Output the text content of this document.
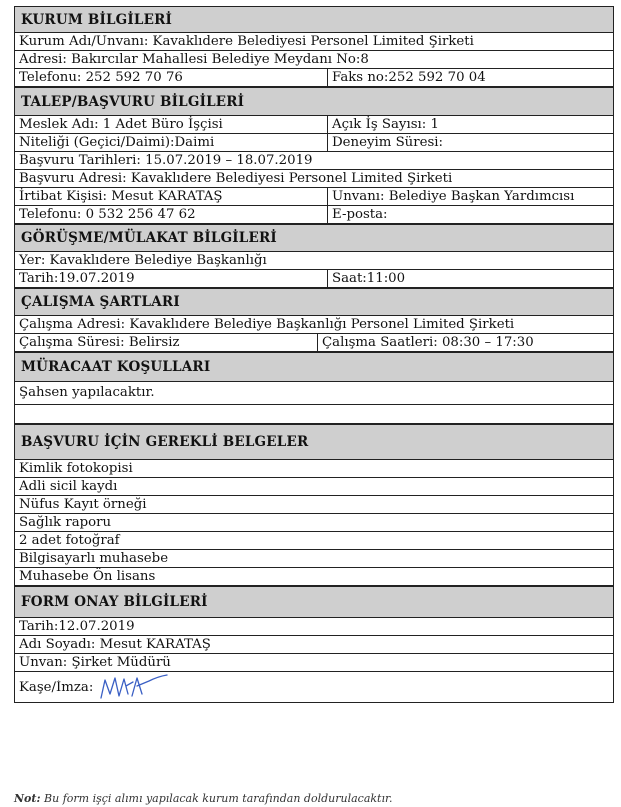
KURUM BİLGİLERİ
Kurum Adı/Unvanı: Kavaklıdere Belediyesi Personel Limited Şirketi
Adresi: Bakırcılar Mahallesi Belediye Meydanı No:8
Telefonu: 252 592 70 76	Faks no:252 592 70 04
TALEP/BAŞVURU BİLGİLERİ
Meslek Adı: 1 Adet Büro İşçisi	Açık İş Sayısı: 1
Niteliği (Geçici/Daimi):Daimi	Deneyim Süresi:
Başvuru Tarihleri: 15.07.2019 – 18.07.2019
Başvuru Adresi: Kavaklıdere Belediyesi Personel Limited Şirketi
İrtibat Kişisi: Mesut KARATAŞ	Unvanı: Belediye Başkan Yardımcısı
Telefonu: 0 532 256 47 62	E-posta:
GÖRÜŞME/MÜLAKAT BİLGİLERİ
Yer: Kavaklıdere Belediye Başkanlığı
Tarih:19.07.2019	Saat:11:00
ÇALIŞMA ŞARTLARI
Çalışma Adresi: Kavaklıdere Belediye Başkanlığı Personel Limited Şirketi
Çalışma Süresi: Belirsiz	Çalışma Saatleri: 08:30 – 17:30
MÜRACAAT KOŞULLARI
Şahsen yapılacaktır.
BAŞVURU İÇİN GEREKLİ BELGELER
Kimlik fotokopisi
Adli sicil kaydı
Nüfus Kayıt örneği
Sağlık raporu
2 adet fotoğraf
Bilgisayarlı muhasebe
Muhasebe Ön lisans
FORM ONAY BİLGİLERİ
Tarih:12.07.2019
Adı Soyadı: Mesut KARATAŞ
Unvan: Şirket Müdürü
Kaşe/İmza:
Not: Bu form işçi alımı yapılacak kurum tarafından doldurulacaktır.
